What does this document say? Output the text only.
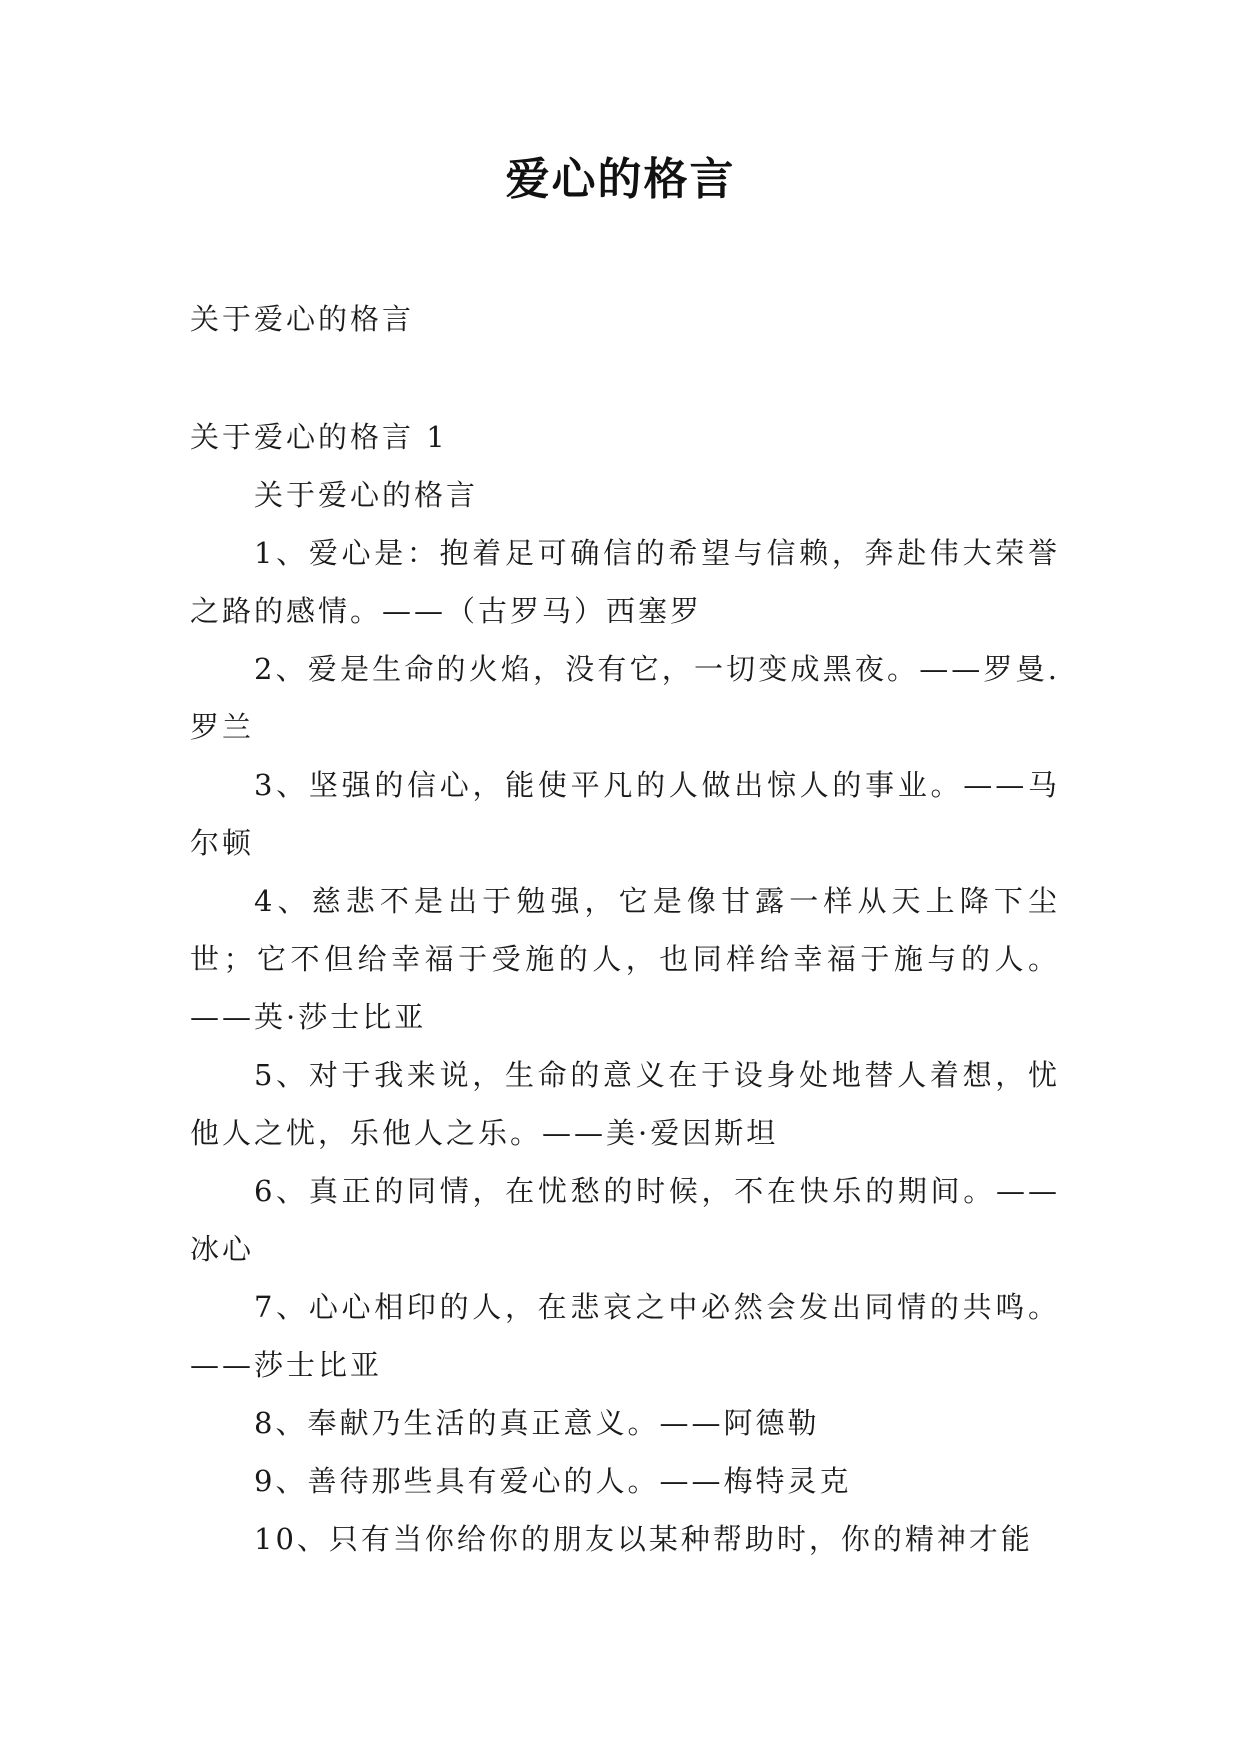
爱心的格言

关于爱心的格言

关于爱心的格言 1

关于爱心的格言

1、爱心是：抱着足可确信的希望与信赖，奔赴伟大荣誉之路的感情。——（古罗马）西塞罗

2、爱是生命的火焰，没有它，一切变成黑夜。——罗曼.罗兰

3、坚强的信心，能使平凡的人做出惊人的事业。——马尔顿

4、慈悲不是出于勉强，它是像甘露一样从天上降下尘世；它不但给幸福于受施的人，也同样给幸福于施与的人。——英·莎士比亚

5、对于我来说，生命的意义在于设身处地替人着想，忧他人之忧，乐他人之乐。——美·爱因斯坦

6、真正的同情，在忧愁的时候，不在快乐的期间。——冰心

7、心心相印的人，在悲哀之中必然会发出同情的共鸣。——莎士比亚

8、奉献乃生活的真正意义。——阿德勒

9、善待那些具有爱心的人。——梅特灵克

10、只有当你给你的朋友以某种帮助时，你的精神才能
